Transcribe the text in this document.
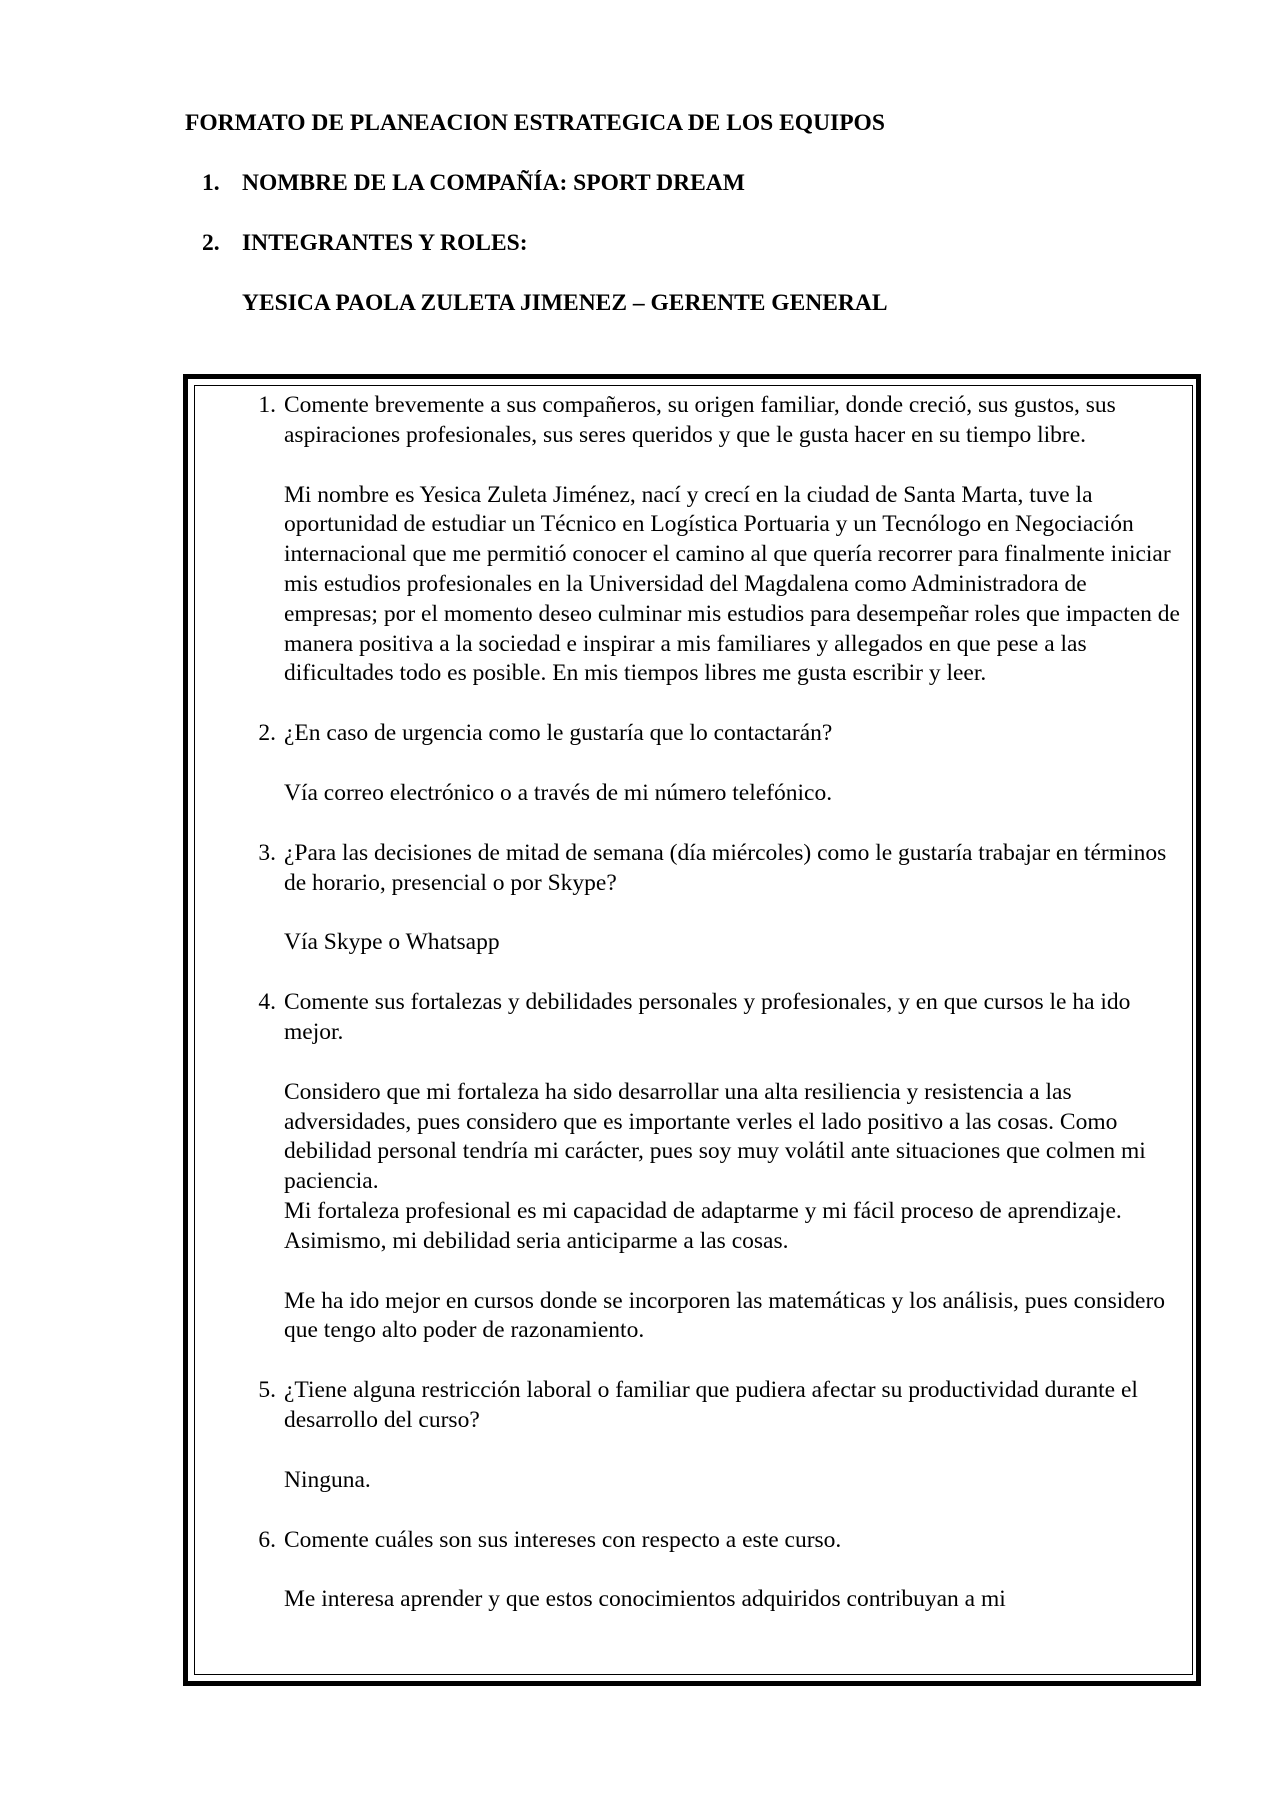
FORMATO DE PLANEACION ESTRATEGICA DE LOS EQUIPOS
1. NOMBRE DE LA COMPAÑÍA: SPORT DREAM
2. INTEGRANTES Y ROLES:
YESICA PAOLA ZULETA JIMENEZ – GERENTE GENERAL
1. Comente brevemente a sus compañeros, su origen familiar, donde creció, sus gustos, sus aspiraciones profesionales, sus seres queridos y que le gusta hacer en su tiempo libre.

Mi nombre es Yesica Zuleta Jiménez, nací y crecí en la ciudad de Santa Marta, tuve la oportunidad de estudiar un Técnico en Logística Portuaria y un Tecnólogo en Negociación internacional que me permitió conocer el camino al que quería recorrer para finalmente iniciar mis estudios profesionales en la Universidad del Magdalena como Administradora de empresas; por el momento deseo culminar mis estudios para desempeñar roles que impacten de manera positiva a la sociedad e inspirar a mis familiares y allegados en que pese a las dificultades todo es posible. En mis tiempos libres me gusta escribir y leer.

2. ¿En caso de urgencia como le gustaría que lo contactarán?

Vía correo electrónico o a través de mi número telefónico.

3. ¿Para las decisiones de mitad de semana (día miércoles) como le gustaría trabajar en términos de horario, presencial o por Skype?

Vía Skype o Whatsapp

4. Comente sus fortalezas y debilidades personales y profesionales, y en que cursos le ha ido mejor.

Considero que mi fortaleza ha sido desarrollar una alta resiliencia y resistencia a las adversidades, pues considero que es importante verles el lado positivo a las cosas. Como debilidad personal tendría mi carácter, pues soy muy volátil ante situaciones que colmen mi paciencia.

Mi fortaleza profesional es mi capacidad de adaptarme y mi fácil proceso de aprendizaje. Asimismo, mi debilidad seria anticiparme a las cosas.

Me ha ido mejor en cursos donde se incorporen las matemáticas y los análisis, pues considero que tengo alto poder de razonamiento.

5. ¿Tiene alguna restricción laboral o familiar que pudiera afectar su productividad durante el desarrollo del curso?

Ninguna.

6. Comente cuáles son sus intereses con respecto a este curso.

Me interesa aprender y que estos conocimientos adquiridos contribuyan a mi
